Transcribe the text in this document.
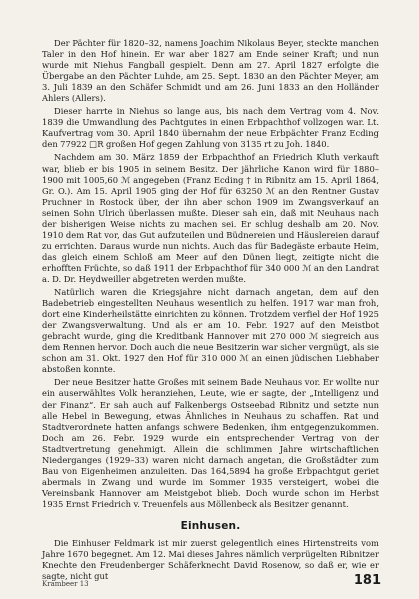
Der Pächter für 1820–32, namens Joachim Nikolaus Beyer, steckte manchen Taler in den Hof hinein. Er war aber 1827 am Ende seiner Kraft; und nun wurde mit Niehus Fangball gespielt. Denn am 27. April 1827 erfolgte die Übergabe an den Pächter Luhde, am 25. Sept. 1830 an den Pächter Meyer, am 3. Juli 1839 an den Schäfer Schmidt und am 26. Juni 1833 an den Holländer Ahlers (Allers).

Dieser harrte in Niehus so lange aus, bis nach dem Vertrag vom 4. Nov. 1839 die Umwandlung des Pachtgutes in einen Erbpachthof vollzogen war. Lt. Kaufvertrag vom 30. April 1840 übernahm der neue Erbpächter Franz Ecding den 77922 □R großen Hof gegen Zahlung von 3135 rt zu Joh. 1840.

Nachdem am 30. März 1859 der Erbpachthof an Friedrich Kluth verkauft war, blieb er bis 1905 in seinem Besitz. Der jährliche Kanon wird für 1880–1900 mit 1005,60 ℳ angegeben (Franz Ecding † in Ribnitz am 15. April 1864, Gr. O.). Am 15. April 1905 ging der Hof für 63250 ℳ an den Rentner Gustav Pruchner in Rostock über, der ihn aber schon 1909 im Zwangsverkauf an seinen Sohn Ulrich überlassen mußte. Dieser sah ein, daß mit Neuhaus nach der bisherigen Weise nichts zu machen sei. Er schlug deshalb am 20. Nov. 1910 dem Rat vor, das Gut aufzuteilen und Büdnereien und Häuslereien darauf zu errichten. Daraus wurde nun nichts. Auch das für Badegäste erbaute Heim, das gleich einem Schloß am Meer auf den Dünen liegt, zeitigte nicht die erhofften Früchte, so daß 1911 der Erbpachthof für 340 000 ℳ an den Landrat a. D. Dr. Heydweiller abgetreten werden mußte.

Natürlich waren die Kriegsjahre nicht darnach angetan, dem auf den Badebetrieb eingestellten Neuhaus wesentlich zu helfen. 1917 war man froh, dort eine Kinderheilstätte einrichten zu können. Trotzdem verfiel der Hof 1925 der Zwangsverwaltung. Und als er am 10. Febr. 1927 auf den Meistbot gebracht wurde, ging die Kreditbank Hannover mit 270 000 ℳ siegreich aus dem Rennen hervor. Doch auch die neue Besitzerin war sicher vergnügt, als sie schon am 31. Okt. 1927 den Hof für 310 000 ℳ an einen jüdischen Liebhaber abstoßen konnte.

Der neue Besitzer hatte Großes mit seinem Bade Neuhaus vor. Er wollte nur ein auserwähltes Volk heranziehen, Leute, wie er sagte, der „Intelligenz und der Finanz“. Er sah auch auf Falkenbergs Ostseebad Ribnitz und setzte nun alle Hebel in Bewegung, etwas Ähnliches in Neuhaus zu schaffen. Rat und Stadtverordnete hatten anfangs schwere Bedenken, ihm entgegenzukommen. Doch am 26. Febr. 1929 wurde ein entsprechender Vertrag von der Stadtvertretung genehmigt. Allein die schlimmen Jahre wirtschaftlichen Niederganges (1929–33) waren nicht darnach angetan, die Großstädter zum Bau von Eigenheimen anzuleiten. Das 164,5894 ha große Erbpachtgut geriet abermals in Zwang und wurde im Sommer 1935 versteigert, wobei die Vereinsbank Hannover am Meistgebot blieb. Doch wurde schon im Herbst 1935 Ernst Friedrich v. Treuenfels aus Möllenbeck als Besitzer genannt.

Einhusen.

Die Einhuser Feldmark ist mir zuerst gelegentlich eines Hirtenstreits vom Jahre 1670 begegnet. Am 12. Mai dieses Jahres nämlich verprügelten Ribnitzer Knechte den Freudenberger Schäferknecht David Rosenow, so daß er, wie er sagte, nicht gut

Krambeer 13	181
